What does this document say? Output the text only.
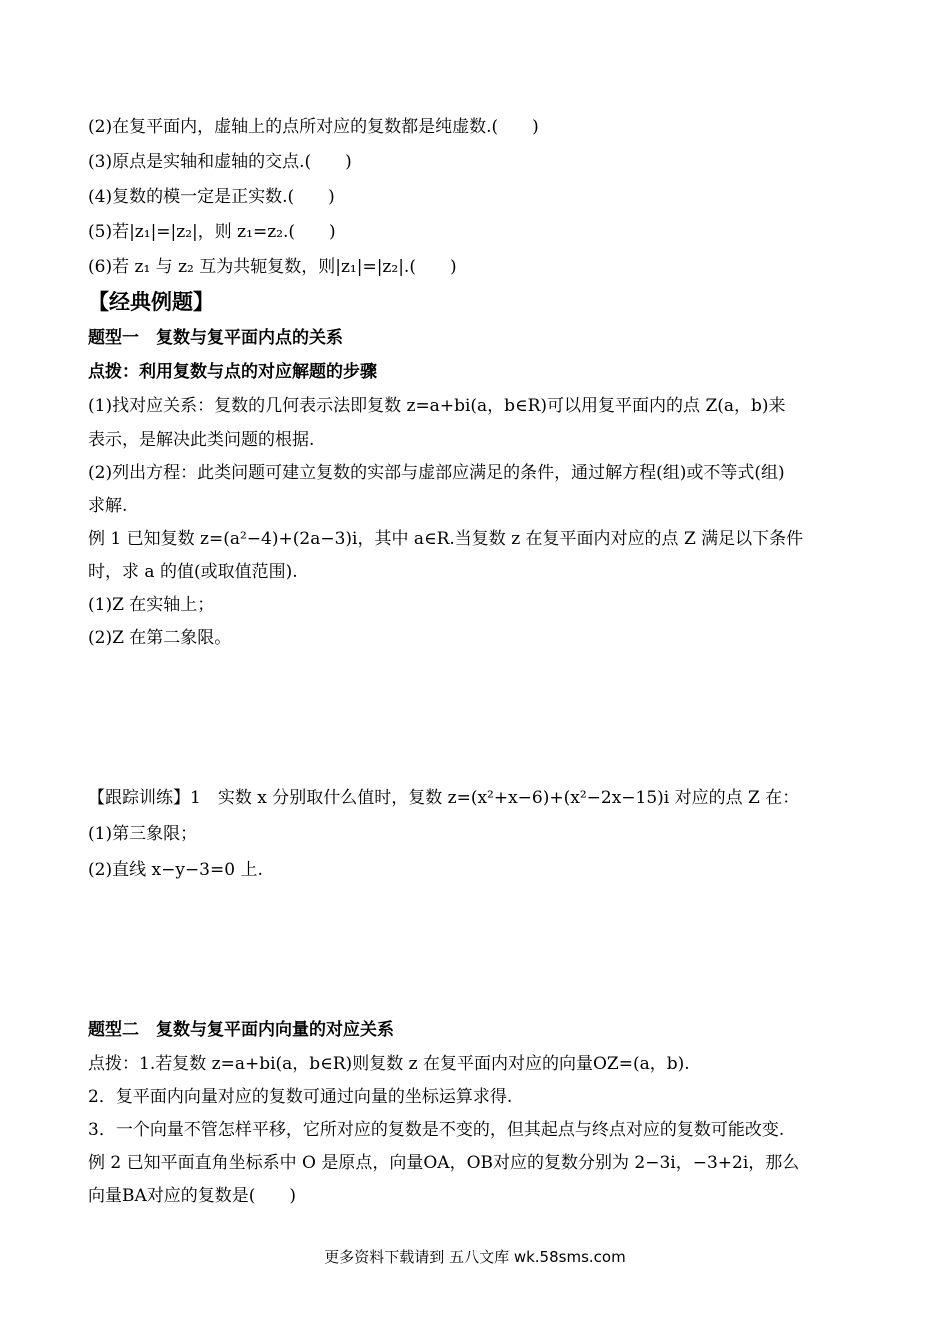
(2)在复平面内，虚轴上的点所对应的复数都是纯虚数.(　　)
(3)原点是实轴和虚轴的交点.(　　)
(4)复数的模一定是正实数.(　　)
(5)若|z₁|=|z₂|，则 z₁=z₂.(　　)
(6)若 z₁ 与 z₂ 互为共轭复数，则|z₁|=|z₂|.(　　)
【经典例题】
题型一　复数与复平面内点的关系
点拨：利用复数与点的对应解题的步骤
(1)找对应关系：复数的几何表示法即复数 z=a+bi(a，b∈R)可以用复平面内的点 Z(a，b)来
表示，是解决此类问题的根据.
(2)列出方程：此类问题可建立复数的实部与虚部应满足的条件，通过解方程(组)或不等式(组)
求解.
例 1 已知复数 z=(a²−4)+(2a−3)i，其中 a∈R.当复数 z 在复平面内对应的点 Z 满足以下条件
时，求 a 的值(或取值范围).
(1)Z 在实轴上；
(2)Z 在第二象限。
【跟踪训练】1　实数 x 分别取什么值时，复数 z=(x²+x−6)+(x²−2x−15)i 对应的点 Z 在：
(1)第三象限；
(2)直线 x−y−3=0 上.
题型二　复数与复平面内向量的对应关系
点拨：1.若复数 z=a+bi(a，b∈R)则复数 z 在复平面内对应的向量OZ=(a，b).
2．复平面内向量对应的复数可通过向量的坐标运算求得.
3．一个向量不管怎样平移，它所对应的复数是不变的，但其起点与终点对应的复数可能改变.
例 2 已知平面直角坐标系中 O 是原点，向量OA，OB对应的复数分别为 2−3i，−3+2i，那么
向量BA对应的复数是(　　)
更多资料下载请到 五八文库 wk.58sms.com
